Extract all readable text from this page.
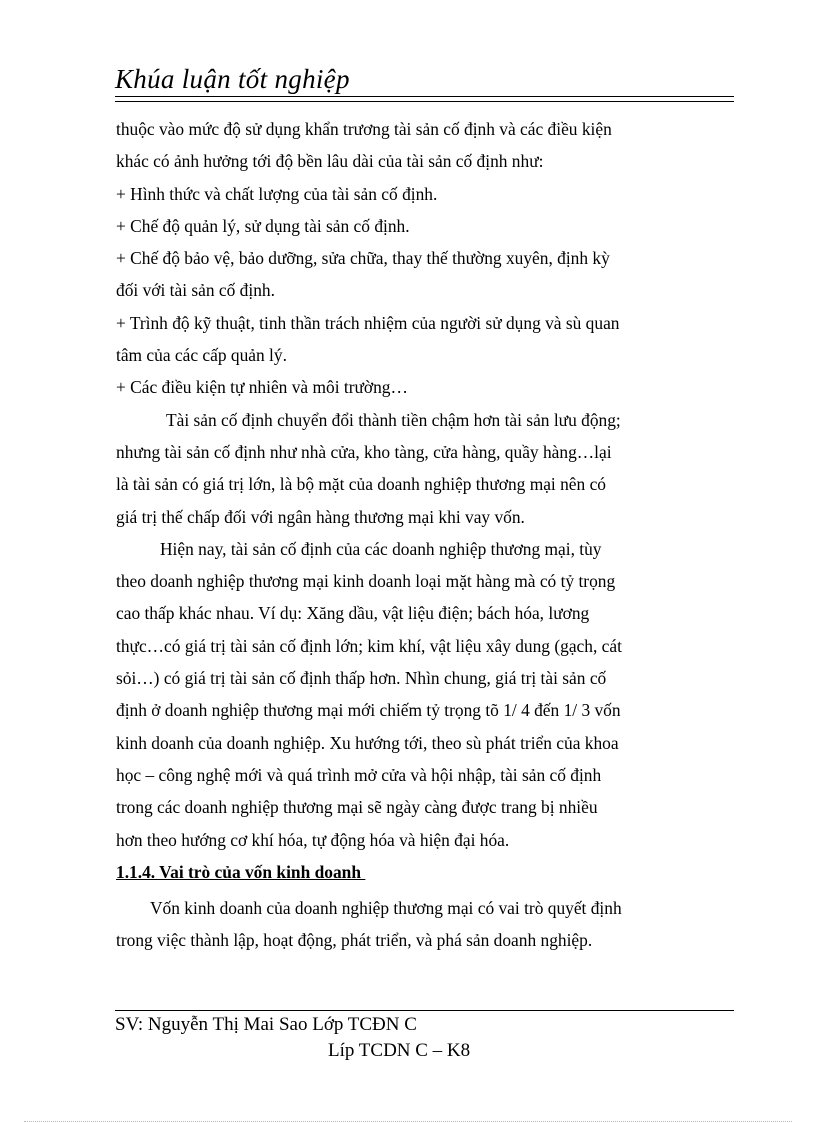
Khúa luận tốt nghiệp
thuộc vào mức độ sử dụng khẩn trương tài sản cố định và các điều kiện
khác có ảnh hưởng tới độ bền lâu dài của tài sản cố định như:
+ Hình thức và chất lượng của tài sản cố định.
+ Chế độ quản lý, sử dụng tài sản cố định.
+ Chế độ bảo vệ, bảo dưỡng, sửa chữa, thay thế thường xuyên, định kỳ
đối với tài sản cố định.
+ Trình độ kỹ thuật, tinh thần trách nhiệm của người sử dụng và sù quan
tâm của các cấp quản lý.
+ Các điều kiện tự nhiên và môi trường…
Tài sản cố định chuyển đổi thành tiền chậm hơn tài sản lưu động;
nhưng tài sản cố định như nhà cửa, kho tàng, cửa hàng, quầy hàng…lại
là tài sản có giá trị lớn, là bộ mặt của doanh nghiệp thương mại nên có
giá trị thế chấp đối với ngân hàng thương mại khi vay vốn.
Hiện nay, tài sản cố định của các doanh nghiệp thương mại, tùy
theo doanh nghiệp thương mại kinh doanh loại mặt hàng mà có tỷ trọng
cao thấp khác nhau. Ví dụ: Xăng dầu, vật liệu điện; bách hóa, lương
thực…có giá trị tài sản cố định lớn; kim khí, vật liệu xây dung (gạch, cát
sỏi…) có giá trị tài sản cố định thấp hơn. Nhìn chung, giá trị tài sản cố
định ở doanh nghiệp thương mại mới chiếm tỷ trọng tõ 1/ 4 đến 1/ 3 vốn
kinh doanh của doanh nghiệp. Xu hướng tới, theo sù phát triển của khoa
học – công nghệ mới và quá trình mở cửa và hội nhập, tài sản cố định
trong các doanh nghiệp thương mại sẽ ngày càng được trang bị nhiều
hơn theo hướng cơ khí hóa, tự động hóa và hiện đại hóa.
1.1.4. Vai trò của vốn kinh doanh
Vốn kinh doanh của doanh nghiệp thương mại có vai trò quyết định
trong việc thành lập, hoạt động, phát triển, và phá sản doanh nghiệp.
SV: Nguyễn Thị Mai Sao Lớp TCĐN C
Líp TCDN C – K8
